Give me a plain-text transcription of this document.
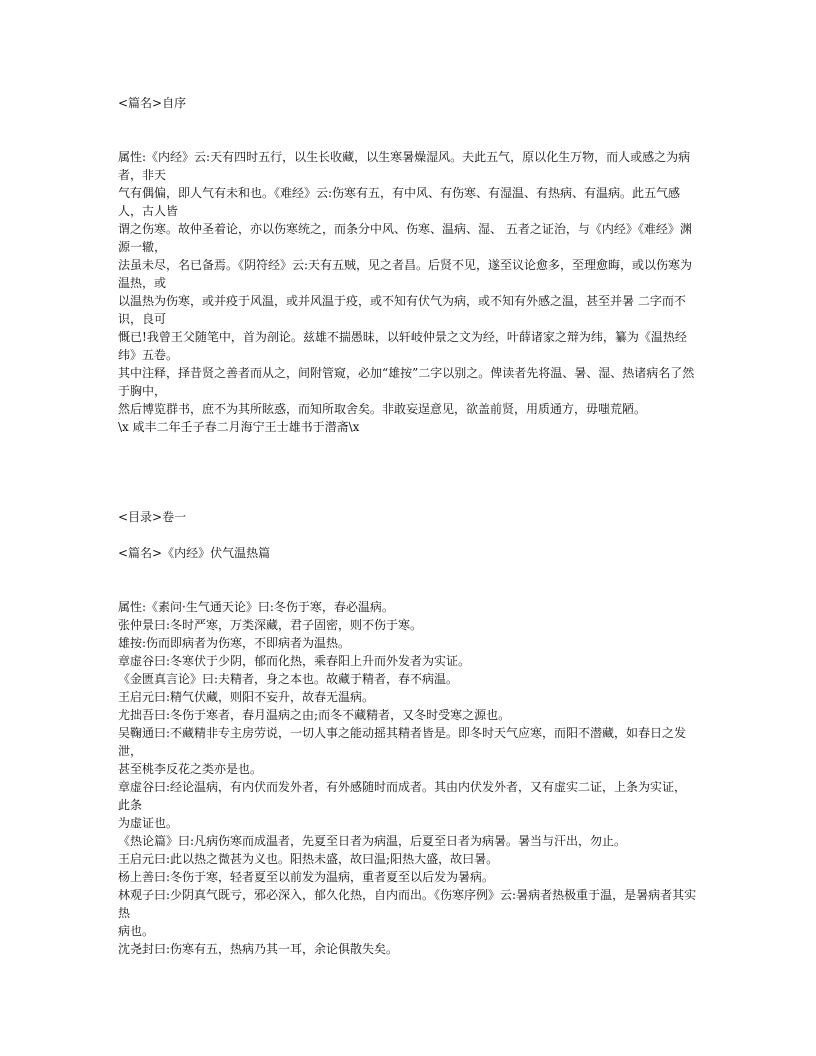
<篇名>自序

属性:《内经》云:天有四时五行，以生长收藏，以生寒暑燥湿风。夫此五气，原以化生万物，而人或感之为病者，非天

气有偶偏，即人气有未和也。《难经》云:伤寒有五，有中风、有伤寒、有湿温、有热病、有温病。此五气感人，古人皆

谓之伤寒。故仲圣着论，亦以伤寒统之，而条分中风、伤寒、温病、湿、 五者之证治，与《内经》《难经》渊源一辙，

法虽未尽，名已备焉。《阴符经》云:天有五贼，见之者昌。后贤不见，遂至议论愈多，至理愈晦，或以伤寒为温热，或

以温热为伤寒，或并疫于风温，或并风温于疫，或不知有伏气为病，或不知有外感之温，甚至并暑 二字而不识，良可

慨已!我曾王父随笔中，首为剖论。兹雄不揣愚昧，以轩岐仲景之文为经，叶薛诸家之辩为纬，纂为《温热经纬》五卷。

其中注释，择昔贤之善者而从之，间附管窥，必加“雄按”二字以别之。俾读者先将温、暑、湿、热诸病名了然于胸中，

然后博览群书，庶不为其所眩惑，而知所取舍矣。非敢妄逞意见，欲盖前贤，用质通方，毋嗤荒陋。

\x 咸丰二年壬子春二月海宁王士雄书于潜斋\x

<目录>卷一

<篇名>《内经》伏气温热篇

属性:《素问·生气通天论》曰:冬伤于寒，春必温病。

张仲景曰:冬时严寒，万类深藏，君子固密，则不伤于寒。

雄按:伤而即病者为伤寒，不即病者为温热。

章虚谷曰:冬寒伏于少阴，郁而化热，乘春阳上升而外发者为实证。

《金匮真言论》曰:夫精者，身之本也。故藏于精者，春不病温。

王启元曰:精气伏藏，则阳不妄升，故春无温病。

尤拙吾曰:冬伤于寒者，春月温病之由;而冬不藏精者，又冬时受寒之源也。

吴鞠通曰:不藏精非专主房劳说，一切人事之能动摇其精者皆是。即冬时天气应寒，而阳不潜藏，如春日之发泄，

甚至桃李反花之类亦是也。

章虚谷曰:经论温病，有内伏而发外者，有外感随时而成者。其由内伏发外者，又有虚实二证，上条为实证，此条

为虚证也。

《热论篇》曰:凡病伤寒而成温者，先夏至日者为病温，后夏至日者为病暑。暑当与汗出，勿止。

王启元曰:此以热之微甚为义也。阳热未盛，故曰温;阳热大盛，故曰暑。

杨上善曰:冬伤于寒，轻者夏至以前发为温病，重者夏至以后发为暑病。

林观子曰:少阴真气既亏，邪必深入，郁久化热，自内而出。《伤寒序例》云:暑病者热极重于温，是暑病者其实热

病也。

沈尧封曰:伤寒有五，热病乃其一耳，余论俱散失矣。
